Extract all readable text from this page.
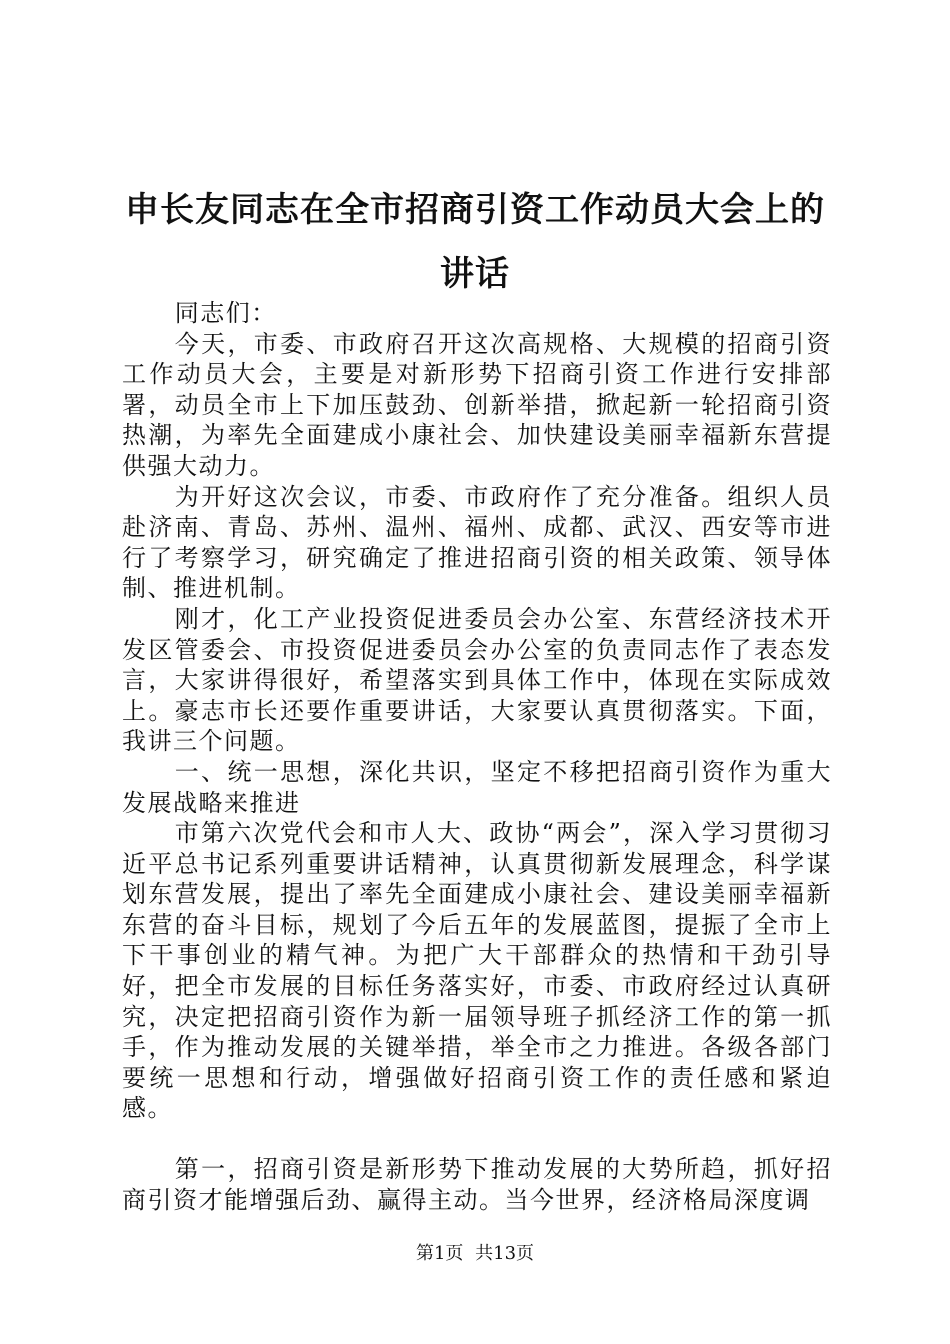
申长友同志在全市招商引资工作动员大会上的讲话

同志们：

今天，市委、市政府召开这次高规格、大规模的招商引资工作动员大会，主要是对新形势下招商引资工作进行安排部署，动员全市上下加压鼓劲、创新举措，掀起新一轮招商引资热潮，为率先全面建成小康社会、加快建设美丽幸福新东营提供强大动力。

为开好这次会议，市委、市政府作了充分准备。组织人员赴济南、青岛、苏州、温州、福州、成都、武汉、西安等市进行了考察学习，研究确定了推进招商引资的相关政策、领导体制、推进机制。

刚才，化工产业投资促进委员会办公室、东营经济技术开发区管委会、市投资促进委员会办公室的负责同志作了表态发言，大家讲得很好，希望落实到具体工作中，体现在实际成效上。豪志市长还要作重要讲话，大家要认真贯彻落实。下面，我讲三个问题。

一、统一思想，深化共识，坚定不移把招商引资作为重大发展战略来推进

市第六次党代会和市人大、政协“两会”，深入学习贯彻习近平总书记系列重要讲话精神，认真贯彻新发展理念，科学谋划东营发展，提出了率先全面建成小康社会、建设美丽幸福新东营的奋斗目标，规划了今后五年的发展蓝图，提振了全市上下干事创业的精气神。为把广大干部群众的热情和干劲引导好，把全市发展的目标任务落实好，市委、市政府经过认真研究，决定把招商引资作为新一届领导班子抓经济工作的第一抓手，作为推动发展的关键举措，举全市之力推进。各级各部门要统一思想和行动，增强做好招商引资工作的责任感和紧迫感。

第一，招商引资是新形势下推动发展的大势所趋，抓好招商引资才能增强后劲、赢得主动。当今世界，经济格局深度调

第1页 共13页
